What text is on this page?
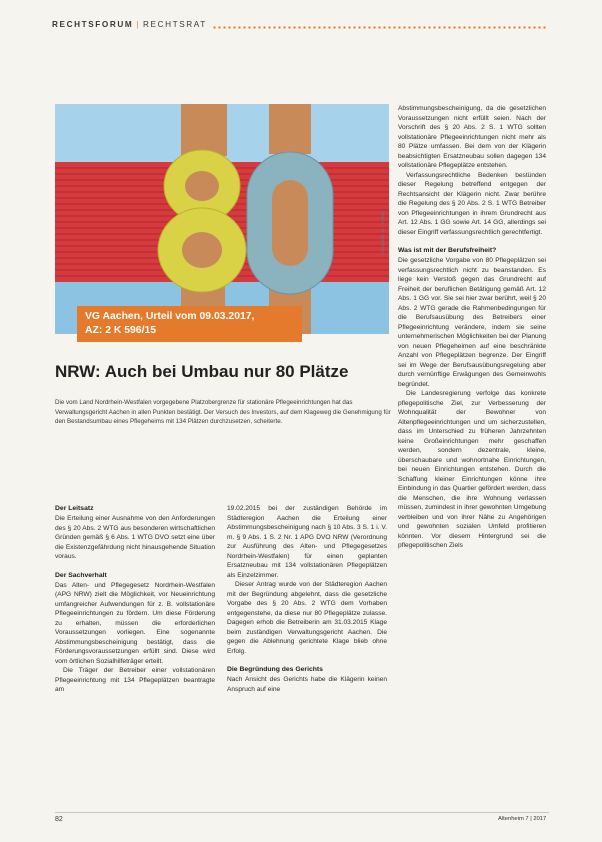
RECHTSFORUM | RECHTSRAT
Fotografie: ar / Fotolia
VG Aachen, Urteil vom 09.03.2017,
AZ: 2 K 596/15
NRW: Auch bei Umbau nur 80 Plätze
Die vom Land Nordrhein-Westfalen vorgegebene Platzobergrenze für stationäre Pflegeeinrichtungen hat das Verwaltungsgericht Aachen in allen Punkten bestätigt. Der Versuch des Investors, auf dem Klageweg die Genehmigung für den Bestandsumbau eines Pflegeheims mit 134 Plätzen durchzusetzen, scheiterte.
Der Leitsatz

Die Erteilung einer Ausnahme von den Anforderungen des § 20 Abs. 2 WTG aus besonderen wirtschaftlichen Gründen gemäß § 6 Abs. 1 WTG DVO setzt eine über die Existenzgefährdung nicht hinausgehende Situation voraus.

Der Sachverhalt

Das Alten- und Pflegegesetz Nordrhein-Westfalen (APG NRW) zielt die Möglichkeit, vor Neueinrichtung umfangreicher Aufwendungen für z. B. vollstationäre Pflegeeinrichtungen zu fördern. Um diese Förderung zu erhalten, müssen die erforderlichen Voraussetzungen vorliegen. Eine sogenannte Abstimmungsbescheinigung bestätigt, dass die Förderungsvoraussetzungen erfüllt sind. Diese wird vom örtlichen Sozialhilfeträger erteilt.

Die Träger der Betreiber einer vollstationären Pflegeeinrichtung mit 134 Pflegeplätzen beantragte am

19.02.2015 bei der zuständigen Behörde im Städteregion Aachen die Erteilung einer Abstimmungsbescheinigung nach § 10 Abs. 3 S. 1 i. V. m. § 9 Abs. 1 S. 2 Nr. 1 APG DVO NRW (Verordnung zur Ausführung des Alten- und Pflegegesetzes Nordrhein-Westfalen) für einen geplanten Ersatzneubau mit 134 vollstationären Pflegeplätzen als Einzelzimmer.

Dieser Antrag wurde von der Städteregion Aachen mit der Begründung abgelehnt, dass die gesetzliche Vorgabe des § 20 Abs. 2 WTG dem Vorhaben entgegenstehe, da diese nur 80 Pflegeplätze zulasse. Dagegen erhob die Betreiberin am 31.03.2015 Klage beim zuständigen Verwaltungsgericht Aachen. Die gegen die Ablehnung gerichtete Klage blieb ohne Erfolg.

Die Begründung des Gerichts

Nach Ansicht des Gerichts habe die Klägerin keinen Anspruch auf eine

Abstimmungsbescheinigung, da die gesetzlichen Voraussetzungen nicht erfüllt seien. Nach der Vorschrift des § 20 Abs. 2 S. 1 WTG sollten vollstationäre Pflegeeinrichtungen nicht mehr als 80 Plätze umfassen. Bei dem von der Klägerin beabsichtigten Ersatzneubau sollen dagegen 134 vollstationäre Pflegeplätze entstehen.

Verfassungsrechtliche Bedenken bestünden dieser Regelung betreffend entgegen der Rechtsansicht der Klägerin nicht. Zwar berühre die Regelung des § 20 Abs. 2 S. 1 WTG Betreiber von Pflegeeinrichtungen in ihrem Grundrecht aus Art. 12 Abs. 1 GG sowie Art. 14 GG, allerdings sei dieser Eingriff verfassungsrechtlich gerechtfertigt.

Was ist mit der Berufsfreiheit?

Die gesetzliche Vorgabe von 80 Pflegeplätzen sei verfassungsrechtlich nicht zu beanstanden. Es liege kein Verstoß gegen das Grundrecht auf Freiheit der beruflichen Betätigung gemäß Art. 12 Abs. 1 GG vor. Sie sei hier zwar berührt, weil § 20 Abs. 2 WTG gerade die Rahmenbedingungen für die Berufsausübung des Betreibers einer Pflegeeinrichtung verändere, indem sie seine unternehmerischen Möglichkeiten bei der Planung von neuen Pflegeheimen auf eine beschränkte Anzahl von Pflegeplätzen begrenze. Der Eingriff sei im Wege der Berufsausübungsregelung aber durch vernünftige Erwägungen des Gemeinwohls begründet.

Die Landesregierung verfolge das konkrete pflegepolitische Ziel, zur Verbesserung der Wohnqualität der Bewohner von Altenpflegeeinrichtungen und um sicherzustellen, dass im Unterschied zu früheren Jahrzehnten keine Großeinrichtungen mehr geschaffen werden, sondern dezentrale, kleine, überschaubare und wohnortnahe Einrichtungen, bei neuen Einrichtungen entstehen. Durch die Schaffung kleiner Einrichtungen könne ihre Einbindung in das Quartier gefördert werden, dass die Menschen, die ihre Wohnung verlassen müssen, zumindest in ihrer gewohnten Umgebung verbleiben und von ihrer Nähe zu Angehörigen und gewohnten sozialen Umfeld profitieren könnten. Vor diesem Hintergrund sei die pflegepolitischen Ziels

82	Altenheim 7 | 2017
